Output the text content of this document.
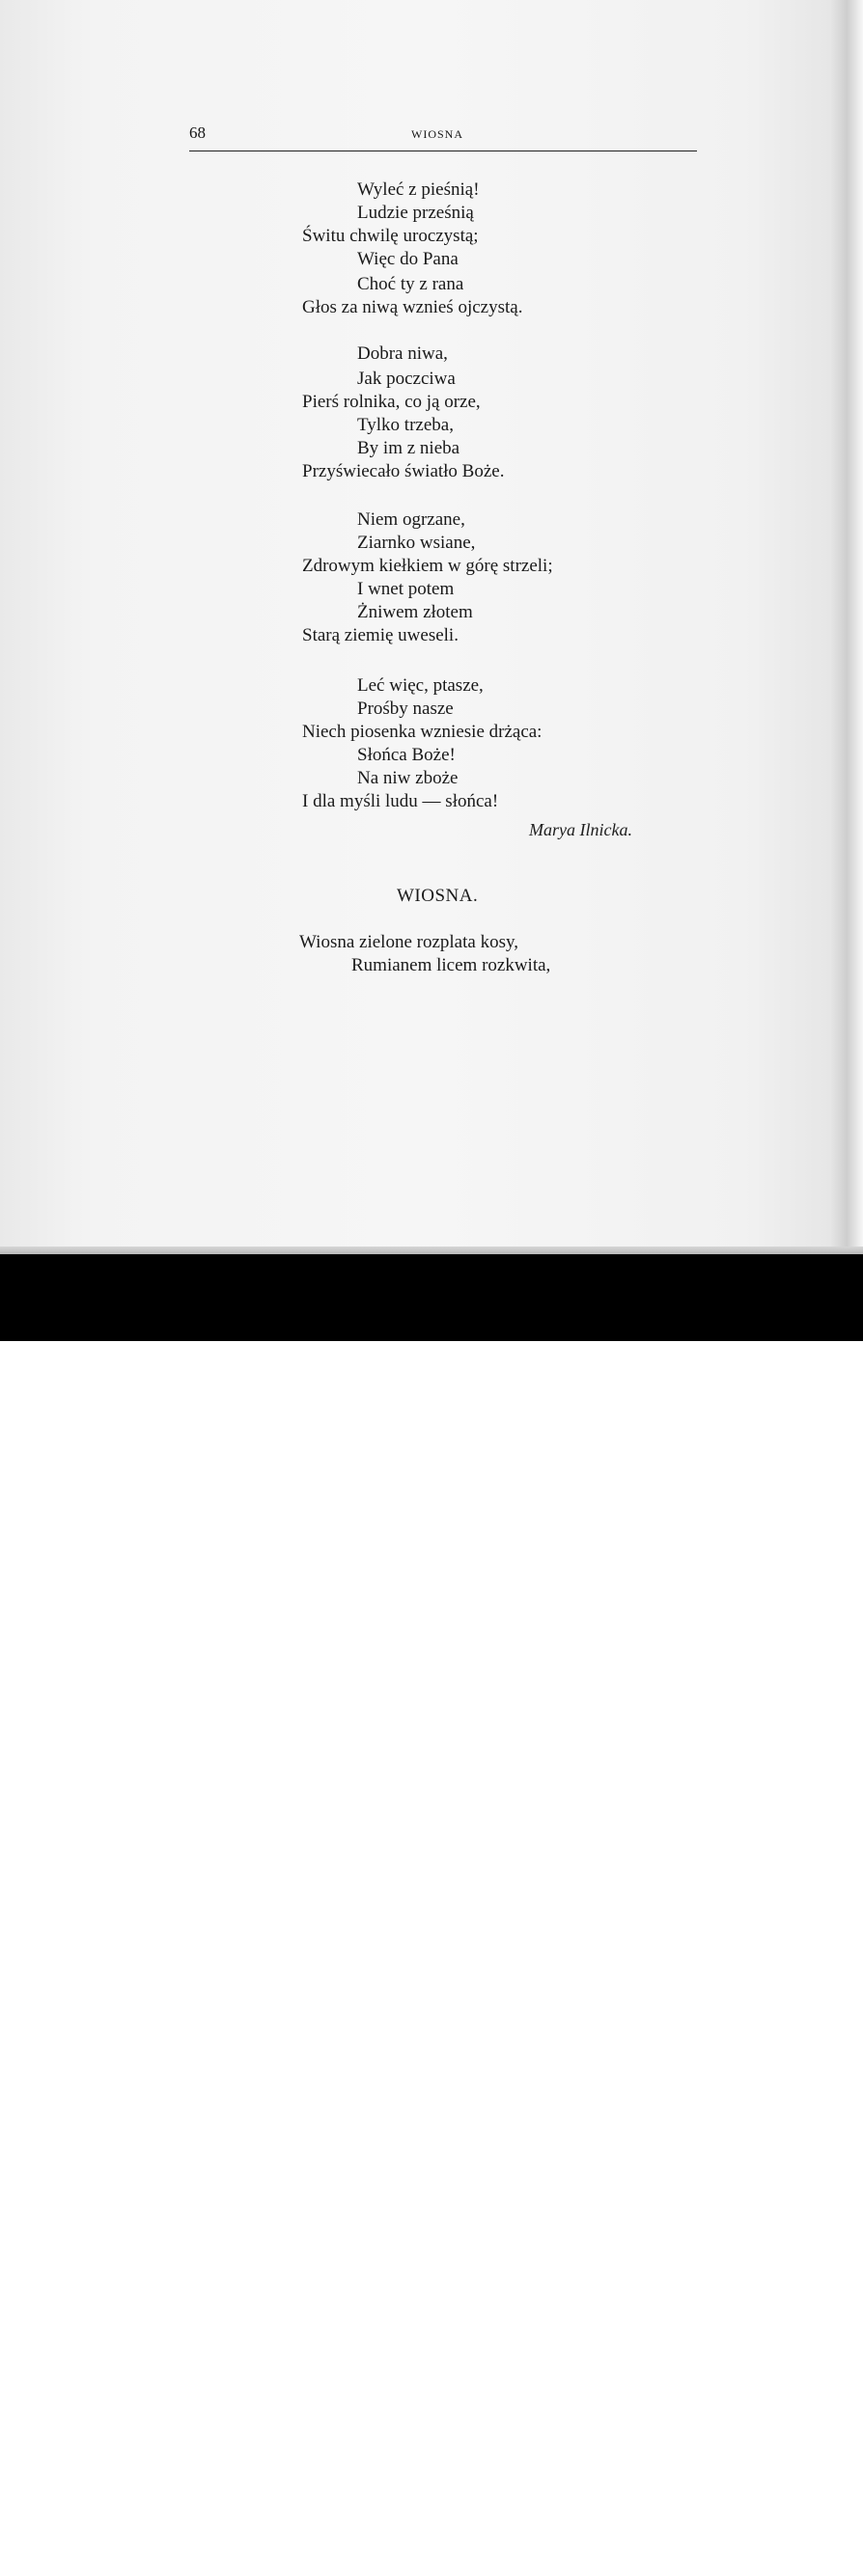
68	WIOSNA
Wyleć z pieśnią!
Ludzie prześnią
Świtu chwilę uroczystą;
Więc do Pana
Choć ty z rana
Głos za niwą wznieś ojczystą.
Dobra niwa,
Jak poczciwa
Pierś rolnika, co ją orze,
Tylko trzeba,
By im z nieba
Przyświecało światło Boże.
Niem ogrzane,
Ziarnko wsiane,
Zdrowym kiełkiem w górę strzeli;
I wnet potem
Żniwem złotem
Starą ziemię uweseli.
Leć więc, ptasze,
Prośby nasze
Niech piosenka wzniesie drżąca:
Słońca Boże!
Na niw zboże
I dla myśli ludu — słońca!
Marya Ilnicka.
WIOSNA.
Wiosna zielone rozplata kosy,
Rumianem licem rozkwita,
alamy	J4WJW7
www.alamy.com
